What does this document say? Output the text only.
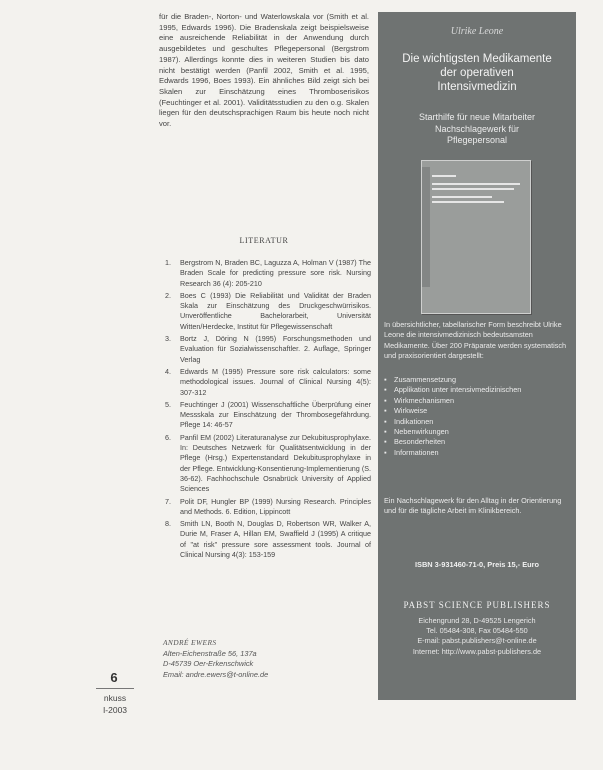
für die Braden-, Norton- und Waterlowskala vor (Smith et al. 1995, Edwards 1996). Die Bradenskala zeigt beispielsweise eine ausreichende Reliabilität in der Anwendung durch ausgebildetes und geschultes Pflegepersonal (Bergstrom 1987). Allerdings konnte dies in weiteren Studien bis dato nicht bestätigt werden (Panfil 2002, Smith et al. 1995, Edwards 1996, Boes 1993). Ein ähnliches Bild zeigt sich bei Skalen zur Einschätzung eines Thromboserisikos (Feuchtinger et al. 2001). Validitätsstudien zu den o.g. Skalen liegen für den deutschsprachigen Raum bis heute noch nicht vor.
LITERATUR
1.	Bergstrom N, Braden BC, Laguzza A, Holman V (1987) The Braden Scale for predicting pressure sore risk. Nursing Research 36 (4): 205-210
2.	Boes C (1993) Die Reliabilität und Validität der Braden Skala zur Einschätzung des Druckgeschwürrisikos. Unveröffentliche Bachelorarbeit, Universität Witten/Herdecke, Institut für Pflegewissenschaft
3.	Bortz J, Döring N (1995) Forschungsmethoden und Evaluation für Sozialwissenschaftler. 2. Auflage, Springer Verlag
4.	Edwards M (1995) Pressure sore risk calculators: some methodological issues. Journal of Clinical Nursing 4(5): 307-312
5.	Feuchtinger J (2001) Wissenschaftliche Überprüfung einer Messskala zur Einschätzung der Thrombosegefährdung. Pflege 14: 46-57
6.	Panfil EM (2002) Literaturanalyse zur Dekubitusprophylaxe. In: Deutsches Netzwerk für Qualitätsentwicklung in der Pflege (Hrsg.) Expertenstandard Dekubitusprophylaxe in der Pflege. Entwicklung-Konsentierung-Implementierung (S. 36-62). Fachhochschule Osnabrück University of Applied Sciences
7.	Polit DF, Hungler BP (1999) Nursing Research. Principles and Methods. 6. Edition, Lippincott
8.	Smith LN, Booth N, Douglas D, Robertson WR, Walker A, Durie M, Fraser A, Hillan EM, Swaffield J (1995) A critique of "at risk" pressure sore assessment tools. Journal of Clinical Nursing 4(3): 153-159
ANDRÉ EWERS
Alten-Eichenstraße 56, 137a
D-45739 Oer-Erkenschwick
Email: andre.ewers@t-online.de
6
nkuss
I-2003
Ulrike Leone
Die wichtigsten Medikamente
der operativen
Intensivmedizin
Starthilfe für neue Mitarbeiter
Nachschlagewerk für
Pflegepersonal
In übersichtlicher, tabellarischer Form beschreibt Ulrike Leone die intensivmedizinisch bedeutsamsten Medikamente. Über 200 Präparate werden systematisch und praxisorientiert dargestellt:
▪ Zusammensetzung
▪ Applikation unter intensivmedizinischen
▪ Wirkmechanismen
▪ Wirkweise
▪ Indikationen
▪ Nebenwirkungen
▪ Besonderheiten
▪ Informationen
Ein Nachschlagewerk für den Alltag in der Orientierung und für die tägliche Arbeit im Klinikbereich.
ISBN 3-931460-71-0, Preis 15,- Euro
PABST SCIENCE PUBLISHERS
Eichengrund 28, D-49525 Lengerich
Tel. 05484-308, Fax 05484-550
E-mail: pabst.publishers@t-online.de
Internet: http://www.pabst-publishers.de
